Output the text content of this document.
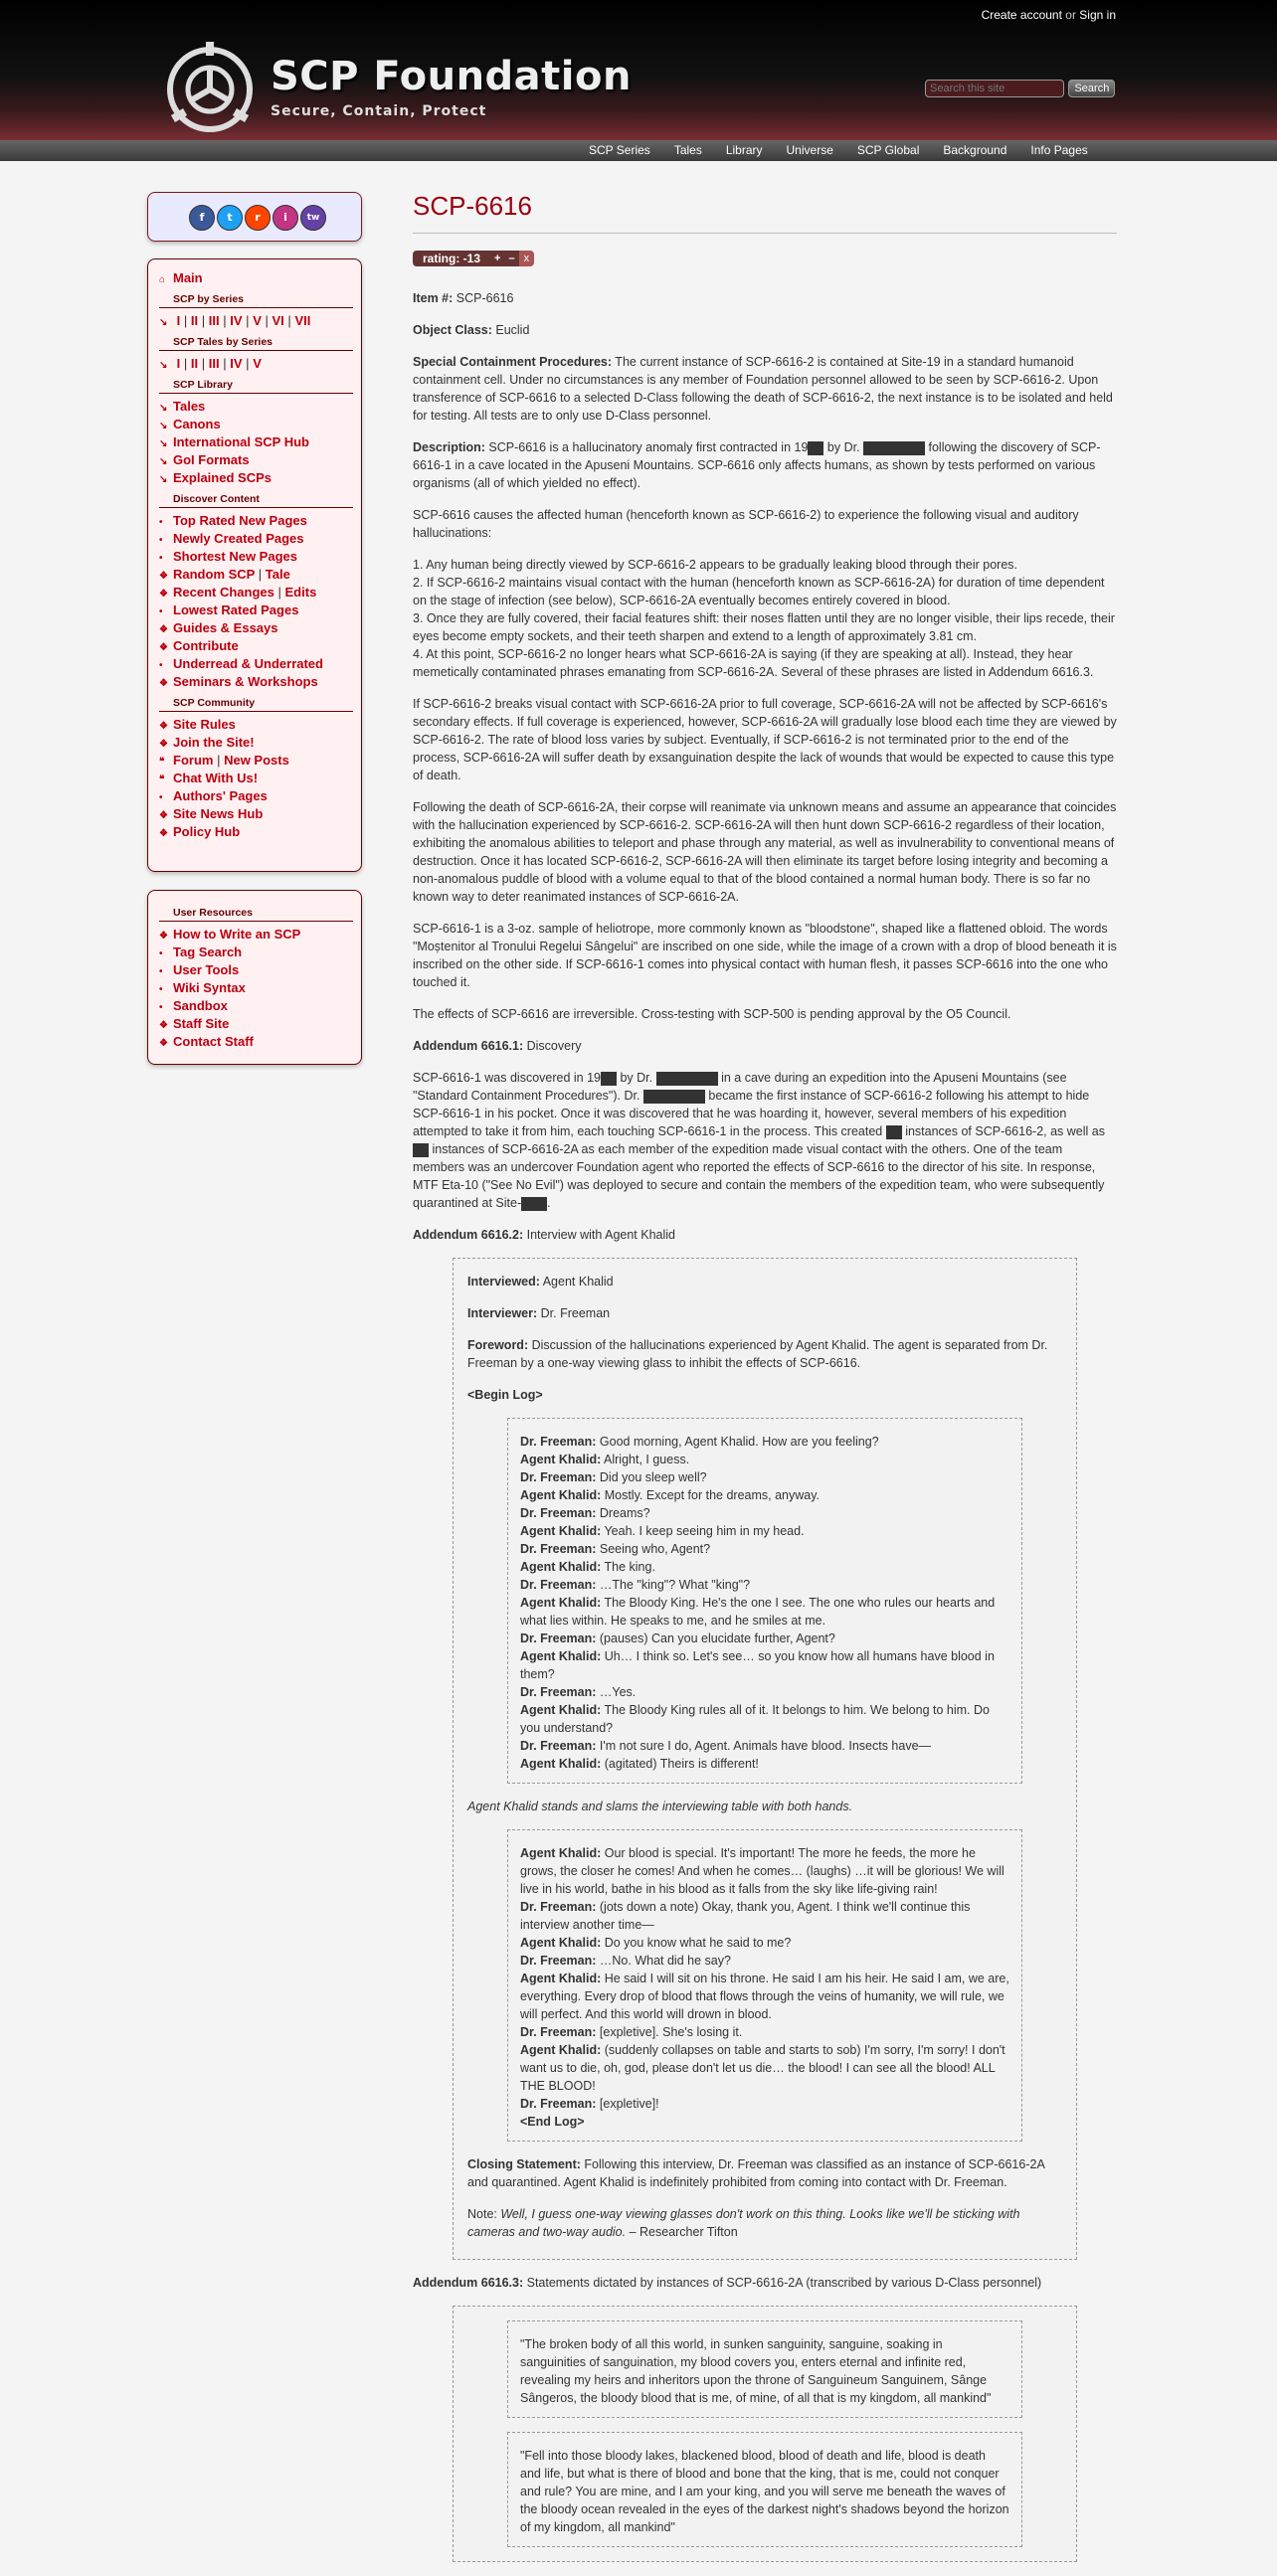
Create account or Sign in
SCP Foundation
Secure, Contain, Protect
Search this site Search
SCP Series	Tales	Library	Universe	SCP Global	Background	Info Pages
f	t	r	i	tw
⌂ Main
SCP by Series
↘ I | II | III | IV | V | VI | VII
SCP Tales by Series
↘ I | II | III | IV | V
SCP Library
↘ Tales
↘ Canons
↘ International SCP Hub
↘ GoI Formats
↘ Explained SCPs
Discover Content
• Top Rated New Pages
• Newly Created Pages
• Shortest New Pages
❖ Random SCP | Tale
❖ Recent Changes | Edits
• Lowest Rated Pages
❖ Guides & Essays
❖ Contribute
• Underread & Underrated
❖ Seminars & Workshops
SCP Community
❖ Site Rules
❖ Join the Site!
❝ Forum | New Posts
❝ Chat With Us!
• Authors' Pages
❖ Site News Hub
❖ Policy Hub
User Resources
❖ How to Write an SCP
• Tag Search
• User Tools
• Wiki Syntax
• Sandbox
❖ Staff Site
❖ Contact Staff
SCP-6616
rating: -13	+ – x

Item #: SCP-6616

Object Class: Euclid

Special Containment Procedures: The current instance of SCP-6616-2 is contained at Site-19 in a standard humanoid containment cell. Under no circumstances is any member of Foundation personnel allowed to be seen by SCP-6616-2. Upon transference of SCP-6616 to a selected D-Class following the death of SCP-6616-2, the next instance is to be isolated and held for testing. All tests are to only use D-Class personnel.

Description: SCP-6616 is a hallucinatory anomaly first contracted in 19 by Dr.	following the discovery of SCP-6616-1 in a cave located in the Apuseni Mountains. SCP-6616 only affects humans, as shown by tests performed on various organisms (all of which yielded no effect).

SCP-6616 causes the affected human (henceforth known as SCP-6616-2) to experience the following visual and auditory hallucinations:

1. Any human being directly viewed by SCP-6616-2 appears to be gradually leaking blood through their pores.
2. If SCP-6616-2 maintains visual contact with the human (henceforth known as SCP-6616-2A) for duration of time dependent on the stage of infection (see below), SCP-6616-2A eventually becomes entirely covered in blood.
3. Once they are fully covered, their facial features shift: their noses flatten until they are no longer visible, their lips recede, their eyes become empty sockets, and their teeth sharpen and extend to a length of approximately 3.81 cm.
4. At this point, SCP-6616-2 no longer hears what SCP-6616-2A is saying (if they are speaking at all). Instead, they hear memetically contaminated phrases emanating from SCP-6616-2A. Several of these phrases are listed in Addendum 6616.3.

If SCP-6616-2 breaks visual contact with SCP-6616-2A prior to full coverage, SCP-6616-2A will not be affected by SCP-6616's secondary effects. If full coverage is experienced, however, SCP-6616-2A will gradually lose blood each time they are viewed by SCP-6616-2. The rate of blood loss varies by subject. Eventually, if SCP-6616-2 is not terminated prior to the end of the process, SCP-6616-2A will suffer death by exsanguination despite the lack of wounds that would be expected to cause this type of death.

Following the death of SCP-6616-2A, their corpse will reanimate via unknown means and assume an appearance that coincides with the hallucination experienced by SCP-6616-2. SCP-6616-2A will then hunt down SCP-6616-2 regardless of their location, exhibiting the anomalous abilities to teleport and phase through any material, as well as invulnerability to conventional means of destruction. Once it has located SCP-6616-2, SCP-6616-2A will then eliminate its target before losing integrity and becoming a non-anomalous puddle of blood with a volume equal to that of the blood contained a normal human body. There is so far no known way to deter reanimated instances of SCP-6616-2A.

SCP-6616-1 is a 3-oz. sample of heliotrope, more commonly known as "bloodstone", shaped like a flattened obloid. The words "Moștenitor al Tronului Regelui Sângelui" are inscribed on one side, while the image of a crown with a drop of blood beneath it is inscribed on the other side. If SCP-6616-1 comes into physical contact with human flesh, it passes SCP-6616 into the one who touched it.

The effects of SCP-6616 are irreversible. Cross-testing with SCP-500 is pending approval by the O5 Council.

Addendum 6616.1: Discovery

SCP-6616-1 was discovered in 19 by Dr.	in a cave during an expedition into the Apuseni Mountains (see "Standard Containment Procedures"). Dr.	became the first instance of SCP-6616-2 following his attempt to hide SCP-6616-1 in his pocket. Once it was discovered that he was hoarding it, however, several members of his expedition attempted to take it from him, each touching SCP-6616-1 in the process. This created  instances of SCP-6616-2, as well as  instances of SCP-6616-2A as each member of the expedition made visual contact with the others. One of the team members was an undercover Foundation agent who reported the effects of SCP-6616 to the director of his site. In response, MTF Eta-10 ("See No Evil") was deployed to secure and contain the members of the expedition team, who were subsequently quarantined at Site- .

Addendum 6616.2: Interview with Agent Khalid

Interviewed: Agent Khalid

Interviewer: Dr. Freeman

Foreword: Discussion of the hallucinations experienced by Agent Khalid. The agent is separated from Dr. Freeman by a one-way viewing glass to inhibit the effects of SCP-6616.

<Begin Log>

Dr. Freeman: Good morning, Agent Khalid. How are you feeling?
Agent Khalid: Alright, I guess.
Dr. Freeman: Did you sleep well?
Agent Khalid: Mostly. Except for the dreams, anyway.
Dr. Freeman: Dreams?
Agent Khalid: Yeah. I keep seeing him in my head.
Dr. Freeman: Seeing who, Agent?
Agent Khalid: The king.
Dr. Freeman: …The "king"? What "king"?
Agent Khalid: The Bloody King. He's the one I see. The one who rules our hearts and what lies within. He speaks to me, and he smiles at me.
Dr. Freeman: (pauses) Can you elucidate further, Agent?
Agent Khalid: Uh… I think so. Let's see… so you know how all humans have blood in them?
Dr. Freeman: …Yes.
Agent Khalid: The Bloody King rules all of it. It belongs to him. We belong to him. Do you understand?
Dr. Freeman: I'm not sure I do, Agent. Animals have blood. Insects have—
Agent Khalid: (agitated) Theirs is different!

Agent Khalid stands and slams the interviewing table with both hands.

Agent Khalid: Our blood is special. It's important! The more he feeds, the more he grows, the closer he comes! And when he comes… (laughs) …it will be glorious! We will live in his world, bathe in his blood as it falls from the sky like life-giving rain!
Dr. Freeman: (jots down a note) Okay, thank you, Agent. I think we'll continue this interview another time—
Agent Khalid: Do you know what he said to me?
Dr. Freeman: …No. What did he say?
Agent Khalid: He said I will sit on his throne. He said I am his heir. He said I am, we are, everything. Every drop of blood that flows through the veins of humanity, we will rule, we will perfect. And this world will drown in blood.
Dr. Freeman: [expletive]. She's losing it.
Agent Khalid: (suddenly collapses on table and starts to sob) I'm sorry, I'm sorry! I don't want us to die, oh, god, please don't let us die… the blood! I can see all the blood! ALL THE BLOOD!
Dr. Freeman: [expletive]!
<End Log>

Closing Statement: Following this interview, Dr. Freeman was classified as an instance of SCP-6616-2A and quarantined. Agent Khalid is indefinitely prohibited from coming into contact with Dr. Freeman.

Note: Well, I guess one-way viewing glasses don't work on this thing. Looks like we'll be sticking with cameras and two-way audio. – Researcher Tifton

Addendum 6616.3: Statements dictated by instances of SCP-6616-2A (transcribed by various D-Class personnel)

"The broken body of all this world, in sunken sanguinity, sanguine, soaking in sanguinities of sanguination, my blood covers you, enters eternal and infinite red, revealing my heirs and inheritors upon the throne of Sanguineum Sanguinem, Sânge Sângeros, the bloody blood that is me, of mine, of all that is my kingdom, all mankind"

"Fell into those bloody lakes, blackened blood, blood of death and life, blood is death and life, but what is there of blood and bone that the king, that is me, could not conquer and rule? You are mine, and I am your king, and you will serve me beneath the waves of the bloody ocean revealed in the eyes of the darkest night's shadows beyond the horizon of my kingdom, all mankind"
